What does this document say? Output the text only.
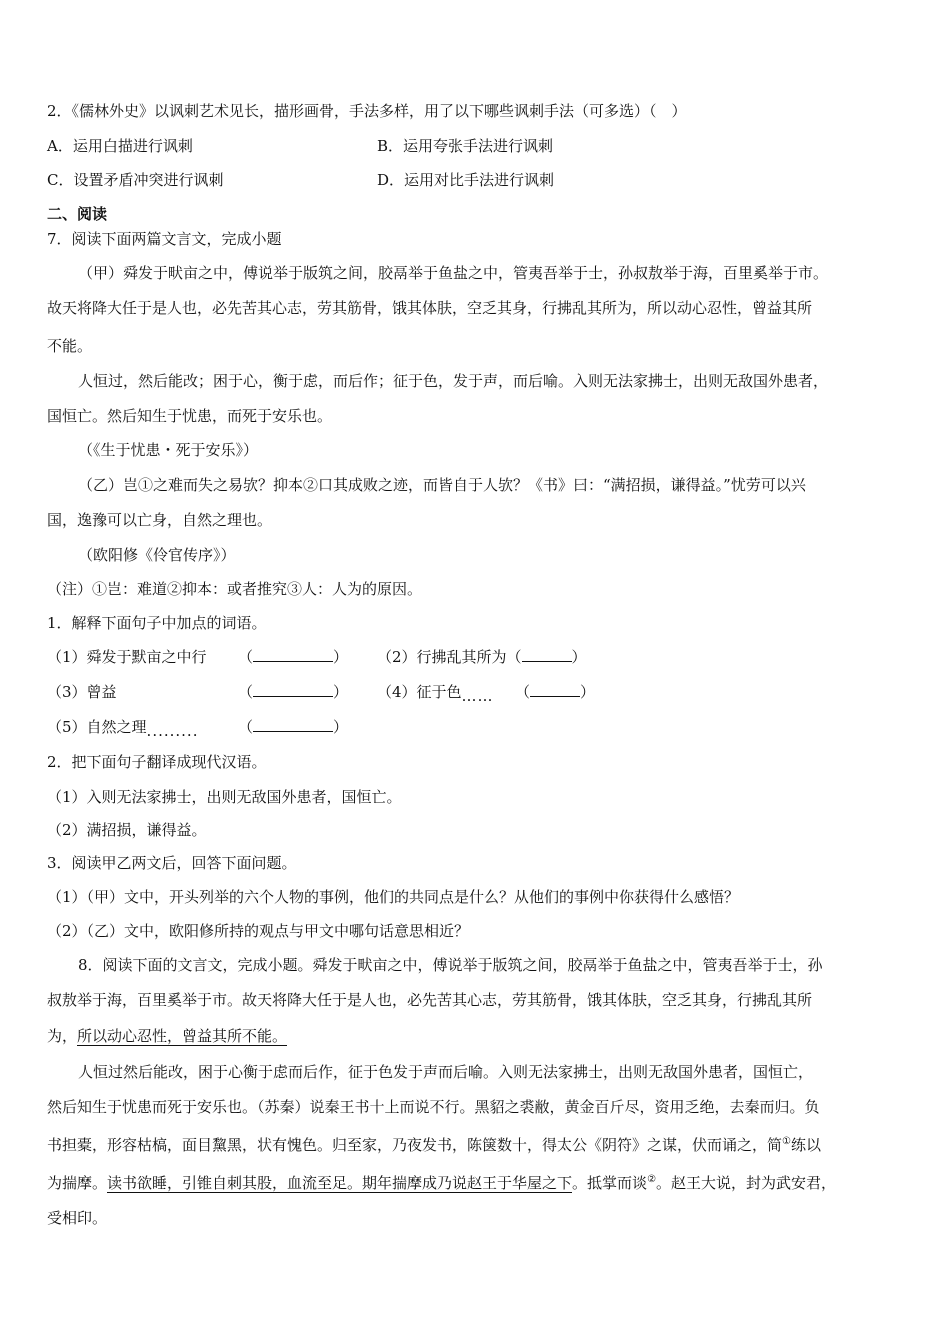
2．《儒林外史》以讽刺艺术见长，描形画骨，手法多样，用了以下哪些讽刺手法（可多选）（　）
A．运用白描进行讽刺	B．运用夸张手法进行讽刺
C．设置矛盾冲突进行讽刺	D．运用对比手法进行讽刺
二、阅读
7．阅读下面两篇文言文，完成小题
（甲）舜发于畎亩之中，傅说举于版筑之间，胶鬲举于鱼盐之中，管夷吾举于士，孙叔敖举于海，百里奚举于市。
故天将降大任于是人也，必先苦其心志，劳其筋骨，饿其体肤，空乏其身，行拂乱其所为，所以动心忍性，曾益其所
不能。
人恒过，然后能改；困于心，衡于虑，而后作；征于色，发于声，而后喻。入则无法家拂士，出则无敌国外患者，
国恒亡。然后知生于忧患，而死于安乐也。
（《生于忧患・死于安乐》）
（乙）岂①之难而失之易欤？抑本②口其成败之迹，而皆自于人欤？《书》曰：“满招损，谦得益。”忧劳可以兴
国，逸豫可以亡身，自然之理也。
（欧阳修《伶官传序》）
（注）①岂：难道②抑本：或者推究③人：人为的原因。
1．解释下面句子中加点的词语。
（1）舜发于默亩之中行 （	） （2）行拂乱其所为（	）
（3）曾益	（	） （4）征于色…… （	）
（5）自然之理.........	（	）
2．把下面句子翻译成现代汉语。
（1）入则无法家拂士，出则无敌国外患者，国恒亡。
（2）满招损，谦得益。
3．阅读甲乙两文后，回答下面问题。
（1）（甲）文中，开头列举的六个人物的事例，他们的共同点是什么？从他们的事例中你获得什么感悟？
（2）（乙）文中，欧阳修所持的观点与甲文中哪句话意思相近？
8．阅读下面的文言文，完成小题。舜发于畎亩之中，傅说举于版筑之间，胶鬲举于鱼盐之中，管夷吾举于士，孙
叔敖举于海，百里奚举于市。故天将降大任于是人也，必先苦其心志，劳其筋骨，饿其体肤，空乏其身，行拂乱其所
为，所以动心忍性，曾益其所不能。
人恒过然后能改，困于心衡于虑而后作，征于色发于声而后喻。入则无法家拂士，出则无敌国外患者，国恒亡，
然后知生于忧患而死于安乐也。（苏秦）说秦王书十上而说不行。黑貂之裘敝，黄金百斤尽，资用乏绝，去秦而归。负
书担橐，形容枯槁，面目黧黑，状有愧色。归至家，乃夜发书，陈箧数十，得太公《阴符》之谋，伏而诵之，简①练以
为揣摩。读书欲睡，引锥自刺其股，血流至足。期年揣摩成乃说赵王于华屋之下。抵掌而谈②。赵王大说，封为武安君，
受相印。
